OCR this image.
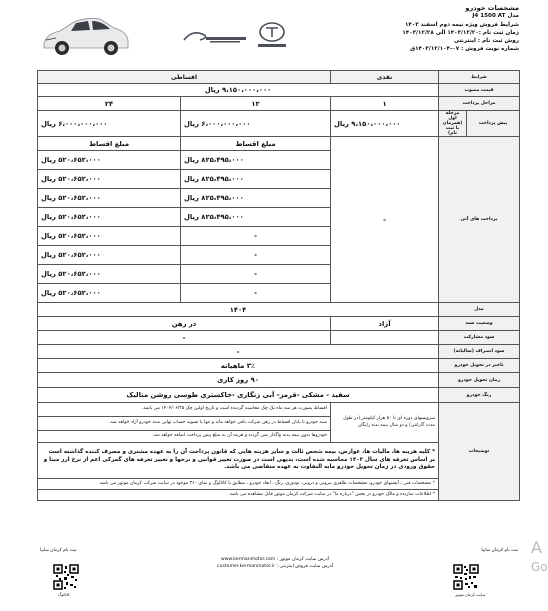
مشخصات خودرو
مدل J4 1500 AT
شرایط فروش ویژه نیمه دوم اسفند ۱۴۰۳
زمان ثبت نام :۱۴۰۳/۱۲/۲۰ الی ۱۴۰۳/۱۲/۲۸
روش ثبت نام : اینترنتی
شماره نوبت فروش : ۰۷-۱۴۰۳/۱۲/۱۰۴ق
شرایط		نقدی	اقساطی	
قیمت مصوب		۹،۱۵۰،۰۰۰،۰۰۰ ریال		
مراحل پرداخت		۱	۱۲	۲۴
پیش پرداخت	مرحله اول (همزمان با ثبت نام)	۹،۱۵۰،۰۰۰،۰۰۰ ریال	۶،۰۰۰،۰۰۰،۰۰۰ ریال	۶،۰۰۰،۰۰۰،۰۰۰ ریال
پرداخت های آتی		-	مبلغ اقساط	مبلغ اقساط
			۸۲۵،۴۹۵،۰۰۰ ریال	۵۲۰،۶۵۲،۰۰۰ ریال
			۸۲۵،۴۹۵،۰۰۰ ریال	۵۲۰،۶۵۲،۰۰۰ ریال
			۸۲۵،۴۹۵،۰۰۰ ریال	۵۲۰،۶۵۲،۰۰۰ ریال
			۸۲۵،۴۹۵،۰۰۰ ریال	۵۲۰،۶۵۲،۰۰۰ ریال
			-	۵۲۰،۶۵۲،۰۰۰ ریال
			-	۵۲۰،۶۵۲،۰۰۰ ریال
			-	۵۲۰،۶۵۲،۰۰۰ ریال
			-	۵۲۰،۶۵۲،۰۰۰ ریال
مدل		۱۴۰۴		
وضعیت سند		آزاد	در رهن	
سود مشارکت			-	
سود انصراف (سالیانه)		-		
تاخیر در تحویل خودرو		۳٪ ماهیانه		
زمان تحویل خودرو		۹۰ روز کاری		
رنگ خودرو		سفید - مشکی -قرمز- آبی زنگاری -خاکستری طوسی روشن متالیک		
توضیحات		سرویسهای دوره ای تا ۵۰ هزار کیلومتر (در طول مدت گارانتی) و دو سال بیمه بدنه رایگان	اقساط بصورت هر سه ماه یک چک محاسبه گردیده است و تاریخ اولین چک ۱۴۰۴/۰۶/۲۵ می باشد.	
			سند خودرو تا پایان اقساط در رهن شرکت باقی خواهد ماند و تنها با تسویه حساب نهایی سند خودرو آزاد خواهد شد.	
			خودروها بدون بیمه بدنه واگذار نمی گردند و هزینه آن به مبلغ پیش پرداخت اضافه خواهد شد.	
		* کلیه هزینه ها، مالیات ها، عوارض، بیمه شخص ثالث و سایر هزینه هایی که قانون پرداخت آن را به عهده مشتری و مصرف کننده گذاشته است بر اساس تعرفه های سال ۱۴۰۳ محاسبه شده است، بدیهی است در صورت تغییر قوانین و نرخها و تغییر تعرفه های گمرکی اعم از نرخ ارز مبنا و حقوق ورودی در زمان تحویل خودرو مابه التفاوت به عهده متقاضی می باشد.		
		* مشخصات فنی ، آپشنهای خودرو، مشخصات ظاهری بیرونی و درونی، تودوزی، رنگ ، ابعاد خودرو ، مطابق با کاتالوگ و نمای ۳۶۰ موجود در سایت شرکت کرمان موتور می باشد.		
		* اطلاعات سازنده و مالک خودرو در بخش "دربارە ما" در سایت شرکت کرمان موتور قابل مشاهده می باشد.		
ثبت نام کرمان سایپا
ثبت نام کرمان سایپا
آدرس سایت کرمان موتور : www.kermanmotor.com
آدرس سایت فروش اینترنتی : customer.kermanmotor.ir
سایت کرمان موتور
کاتالوگ
A
Go
